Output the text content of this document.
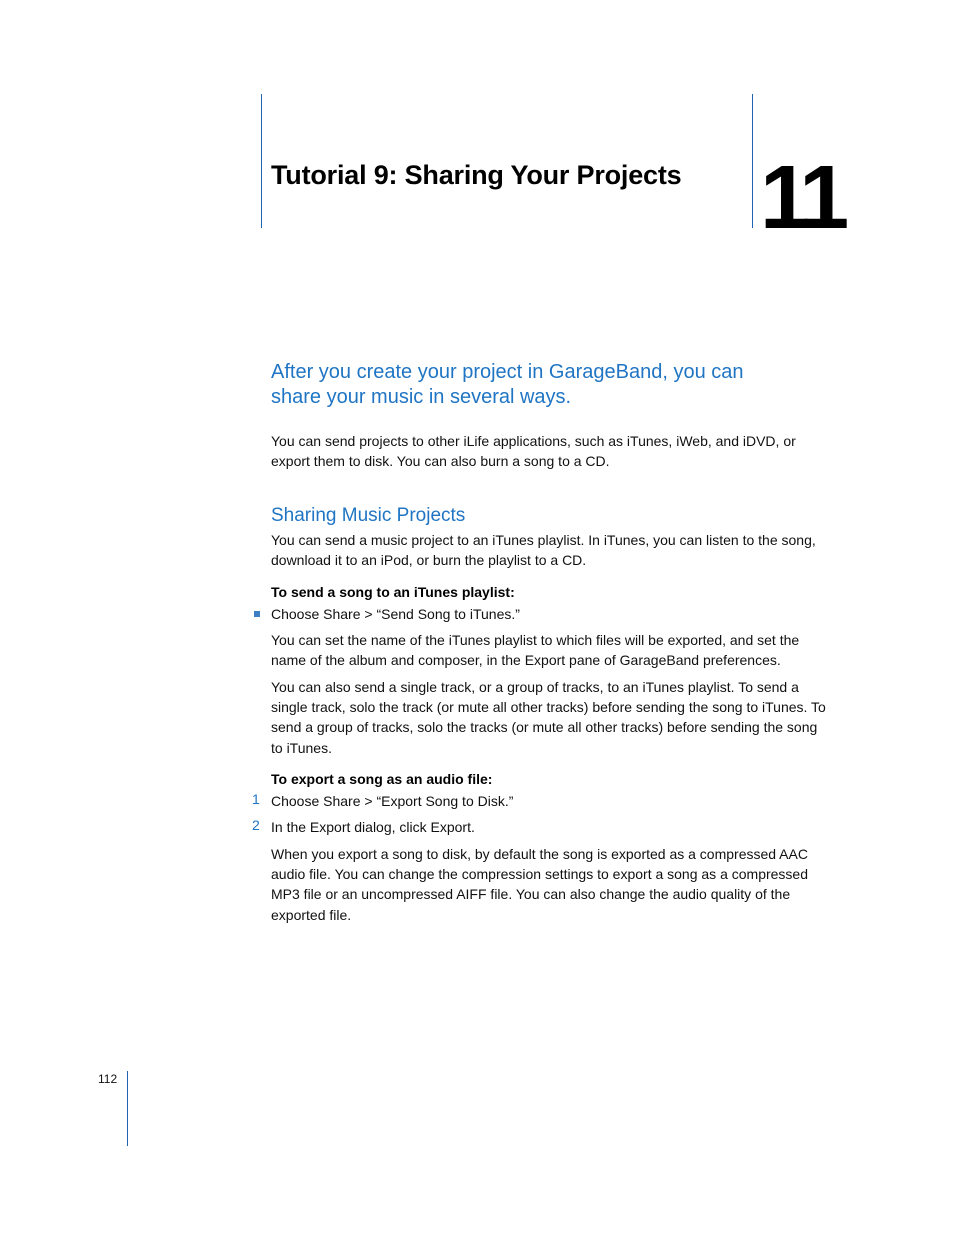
Tutorial 9: Sharing Your Projects 11
After you create your project in GarageBand, you can share your music in several ways.

You can send projects to other iLife applications, such as iTunes, iWeb, and iDVD, or export them to disk. You can also burn a song to a CD.

Sharing Music Projects

You can send a music project to an iTunes playlist. In iTunes, you can listen to the song, download it to an iPod, or burn the playlist to a CD.

To send a song to an iTunes playlist:

Choose Share > “Send Song to iTunes.”

You can set the name of the iTunes playlist to which files will be exported, and set the name of the album and composer, in the Export pane of GarageBand preferences.

You can also send a single track, or a group of tracks, to an iTunes playlist. To send a single track, solo the track (or mute all other tracks) before sending the song to iTunes. To send a group of tracks, solo the tracks (or mute all other tracks) before sending the song to iTunes.

To export a song as an audio file:
1 Choose Share > “Export Song to Disk.”

2 In the Export dialog, click Export.

When you export a song to disk, by default the song is exported as a compressed AAC audio file. You can change the compression settings to export a song as a compressed MP3 file or an uncompressed AIFF file. You can also change the audio quality of the exported file.

112
